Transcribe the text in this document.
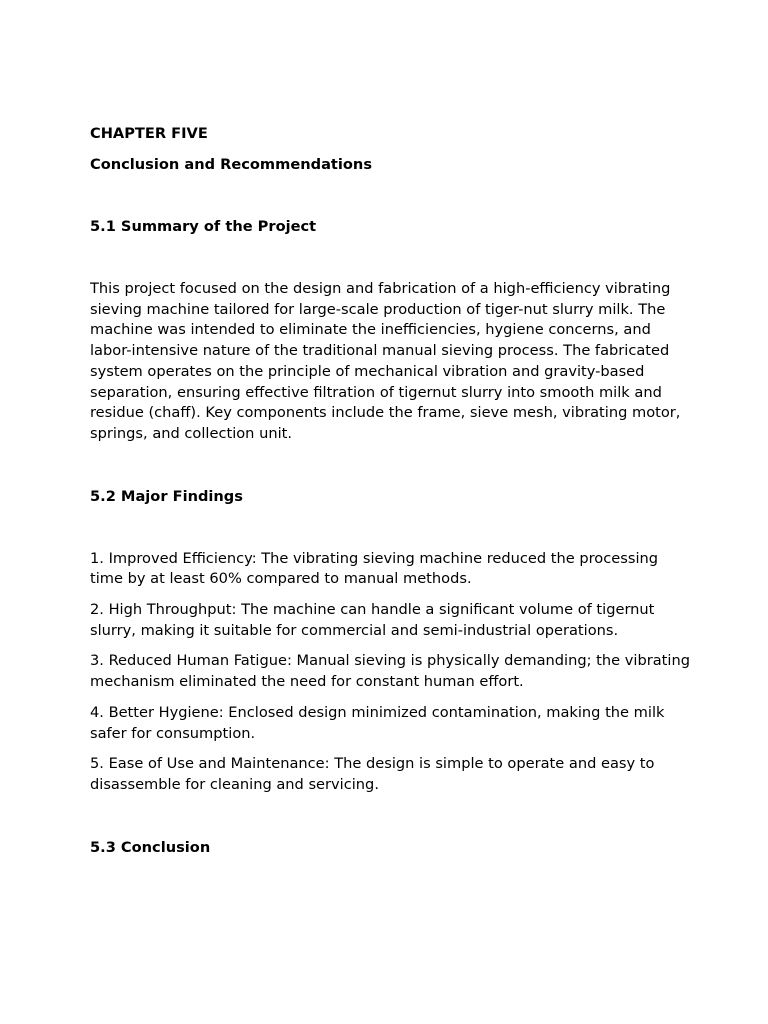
CHAPTER FIVE

Conclusion and Recommendations

5.1 Summary of the Project

This project focused on the design and fabrication of a high-efficiency vibrating sieving machine tailored for large-scale production of tiger-nut slurry milk. The machine was intended to eliminate the inefficiencies, hygiene concerns, and labor-intensive nature of the traditional manual sieving process. The fabricated system operates on the principle of mechanical vibration and gravity-based separation, ensuring effective filtration of tigernut slurry into smooth milk and residue (chaff). Key components include the frame, sieve mesh, vibrating motor, springs, and collection unit.

5.2 Major Findings

1. Improved Efficiency: The vibrating sieving machine reduced the processing time by at least 60% compared to manual methods.

2. High Throughput: The machine can handle a significant volume of tigernut slurry, making it suitable for commercial and semi-industrial operations.

3. Reduced Human Fatigue: Manual sieving is physically demanding; the vibrating mechanism eliminated the need for constant human effort.

4. Better Hygiene: Enclosed design minimized contamination, making the milk safer for consumption.

5. Ease of Use and Maintenance: The design is simple to operate and easy to disassemble for cleaning and servicing.

5.3 Conclusion
